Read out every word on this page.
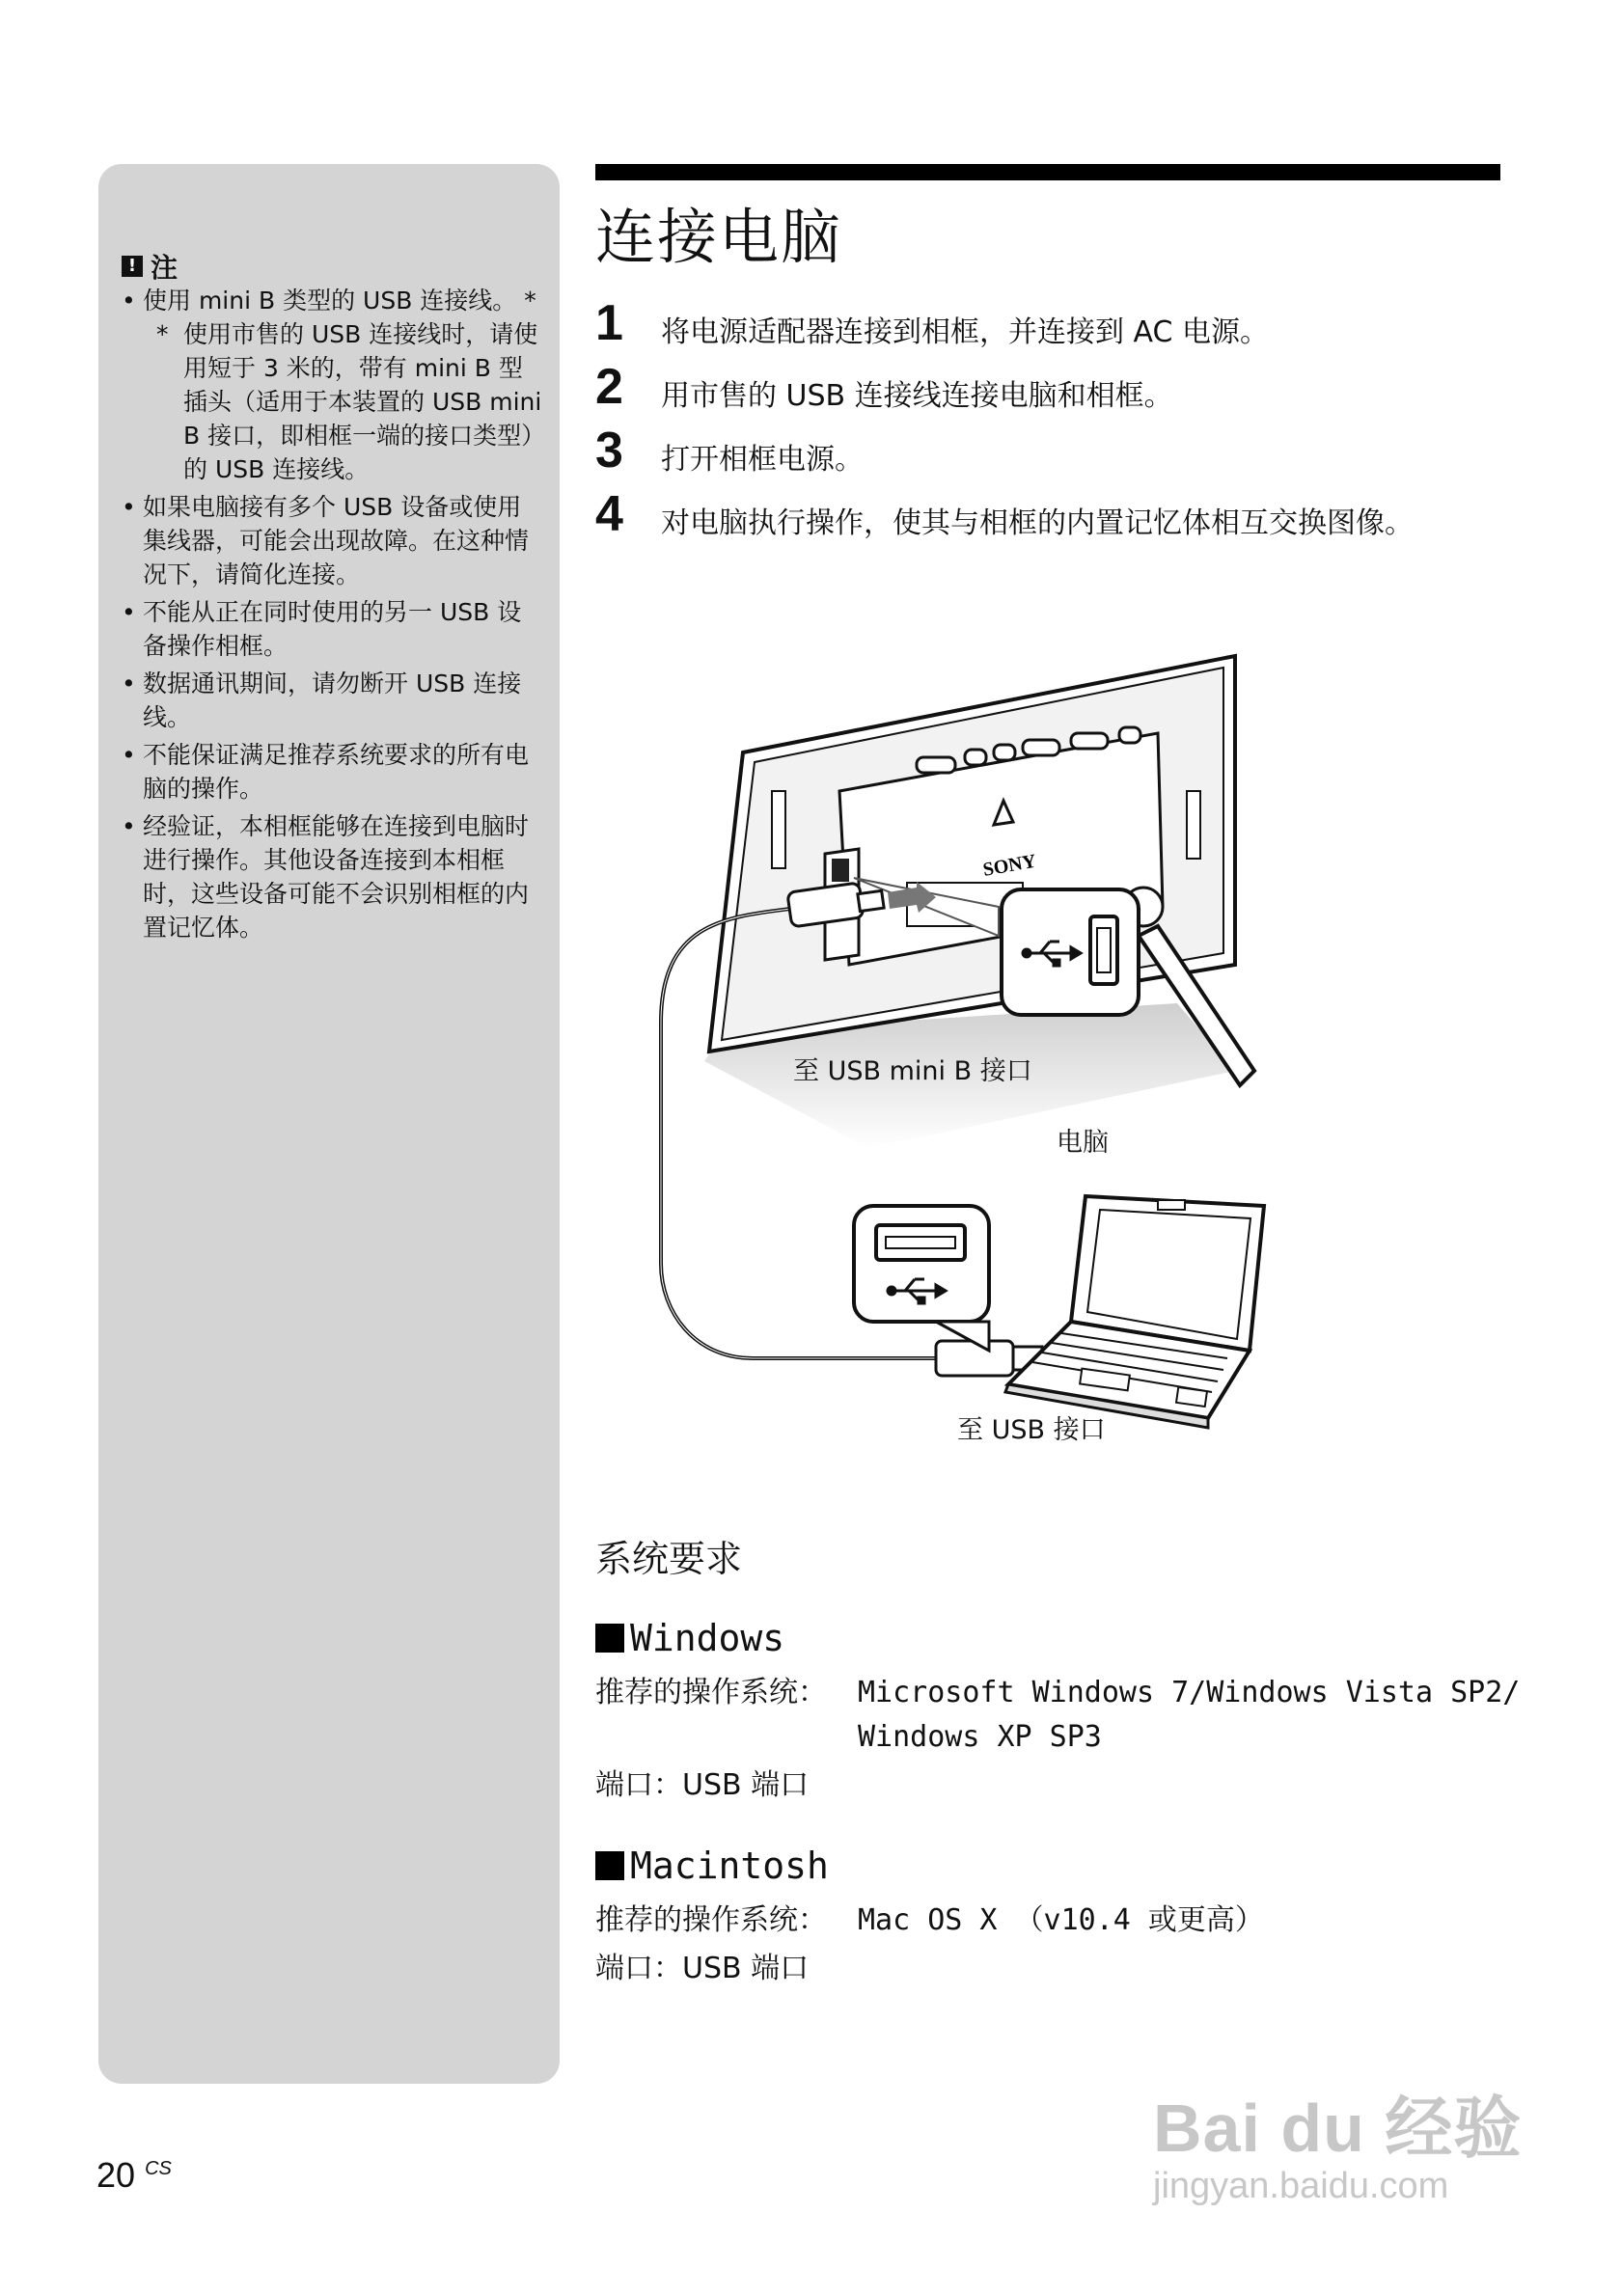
! 注
• 使用 mini B 类型的 USB 连接线。 *
* 使用市售的 USB 连接线时，请使用短于 3 米的，带有 mini B 型插头（适用于本装置的 USB mini B 接口，即相框一端的接口类型）的 USB 连接线。
• 如果电脑接有多个 USB 设备或使用集线器，可能会出现故障。在这种情况下，请简化连接。
• 不能从正在同时使用的另一 USB 设备操作相框。
• 数据通讯期间，请勿断开 USB 连接线。
• 不能保证满足推荐系统要求的所有电脑的操作。
• 经验证，本相框能够在连接到电脑时进行操作。其他设备连接到本相框时，这些设备可能不会识别相框的内置记忆体。
连接电脑
1 将电源适配器连接到相框，并连接到 AC 电源。
2 用市售的 USB 连接线连接电脑和相框。
3 打开相框电源。
4 对电脑执行操作，使其与相框的内置记忆体相互交换图像。
SONY
至 USB mini B 接口
电脑
至 USB 接口
系统要求
Windows
推荐的操作系统： Microsoft Windows 7/Windows Vista SP2/
Windows XP SP3
端口：USB 端口
Macintosh
推荐的操作系统： Mac OS X （v10.4 或更高）
端口：USB 端口
20 $^{CS}$
Bai du 经验
jingyan.baidu.com
